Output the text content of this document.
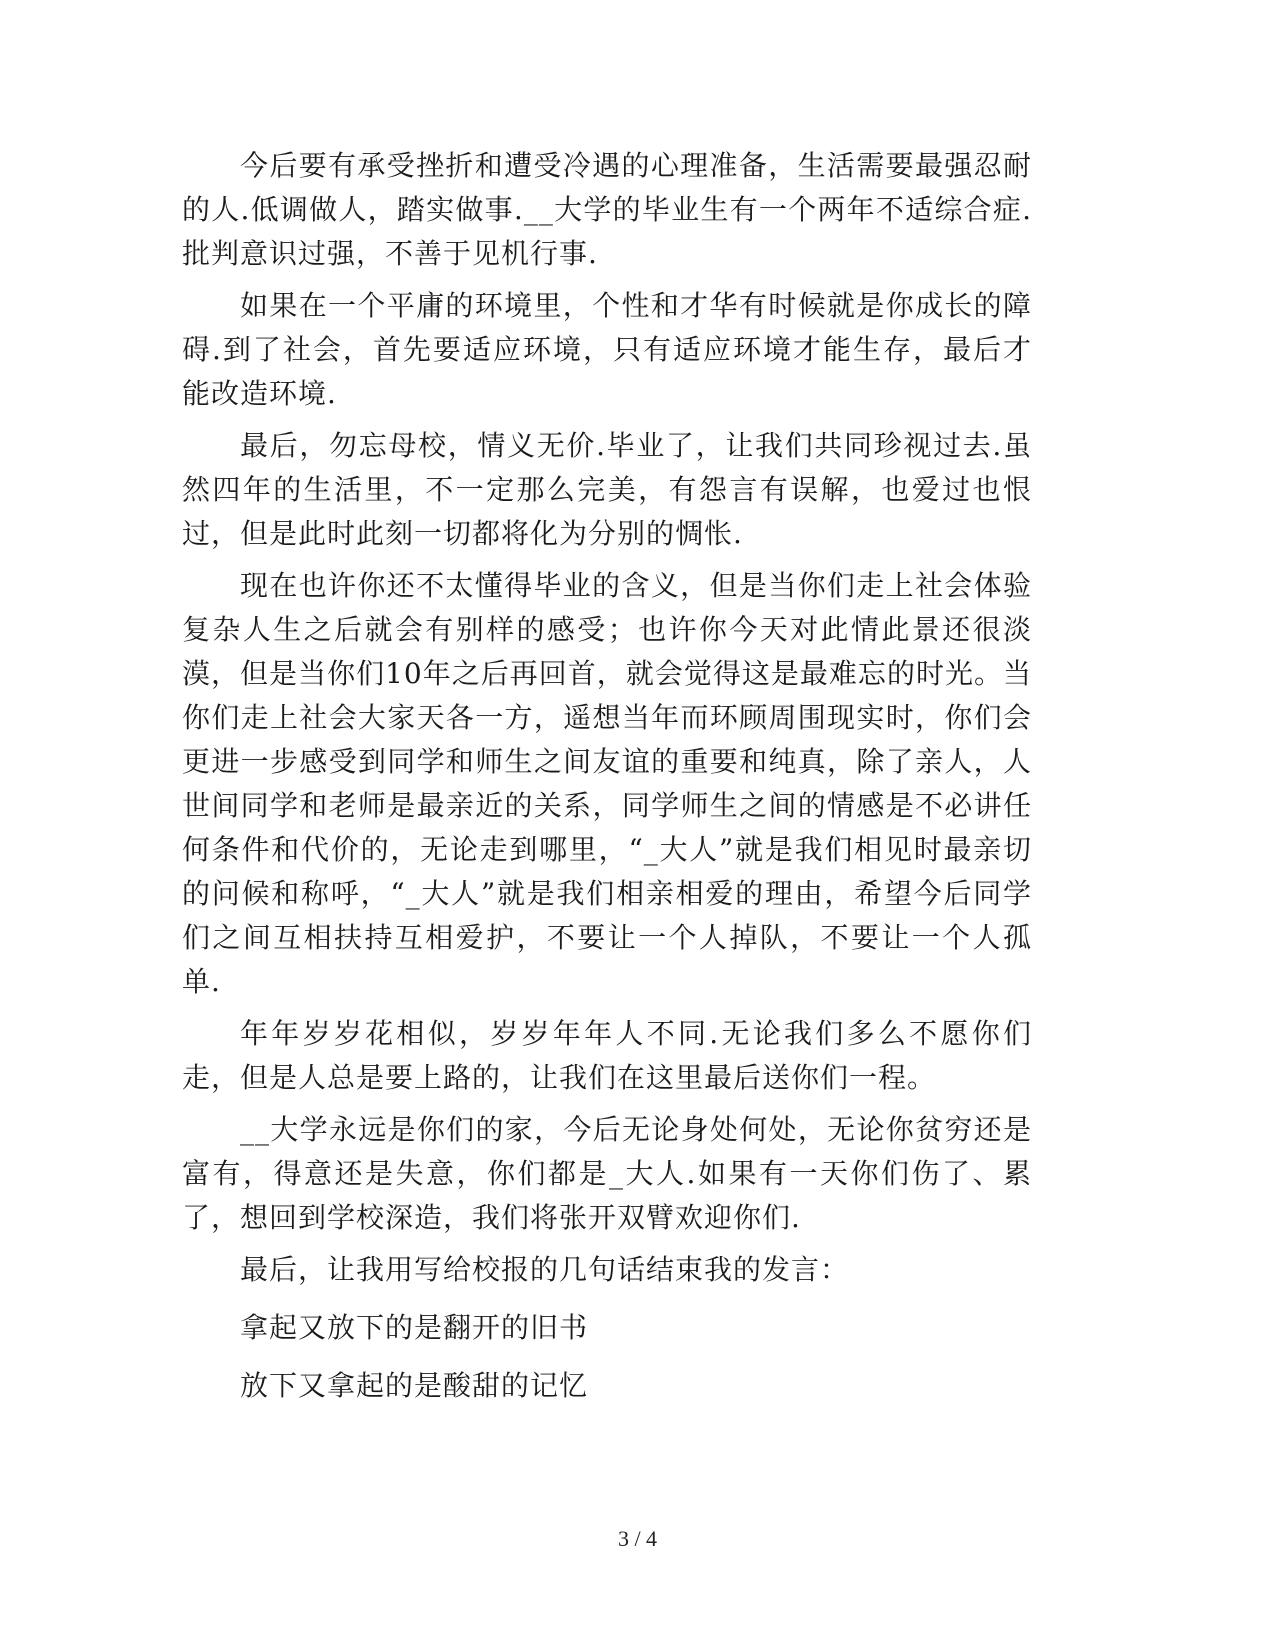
今后要有承受挫折和遭受冷遇的心理准备，生活需要最强忍耐的人.低调做人，踏实做事.__大学的毕业生有一个两年不适综合症.批判意识过强，不善于见机行事.

如果在一个平庸的环境里，个性和才华有时候就是你成长的障碍.到了社会，首先要适应环境，只有适应环境才能生存，最后才能改造环境.

最后，勿忘母校，情义无价.毕业了，让我们共同珍视过去.虽然四年的生活里，不一定那么完美，有怨言有误解，也爱过也恨过，但是此时此刻一切都将化为分别的惆怅.

现在也许你还不太懂得毕业的含义，但是当你们走上社会体验复杂人生之后就会有别样的感受；也许你今天对此情此景还很淡漠，但是当你们10年之后再回首，就会觉得这是最难忘的时光。当你们走上社会大家天各一方，遥想当年而环顾周围现实时，你们会更进一步感受到同学和师生之间友谊的重要和纯真，除了亲人，人世间同学和老师是最亲近的关系，同学师生之间的情感是不必讲任何条件和代价的，无论走到哪里，“_大人”就是我们相见时最亲切的问候和称呼，“_大人”就是我们相亲相爱的理由，希望今后同学们之间互相扶持互相爱护，不要让一个人掉队，不要让一个人孤单.

年年岁岁花相似，岁岁年年人不同.无论我们多么不愿你们走，但是人总是要上路的，让我们在这里最后送你们一程。

__大学永远是你们的家，今后无论身处何处，无论你贫穷还是富有，得意还是失意，你们都是_大人.如果有一天你们伤了、累了，想回到学校深造，我们将张开双臂欢迎你们.

最后，让我用写给校报的几句话结束我的发言：

拿起又放下的是翻开的旧书

放下又拿起的是酸甜的记忆

3 / 4
